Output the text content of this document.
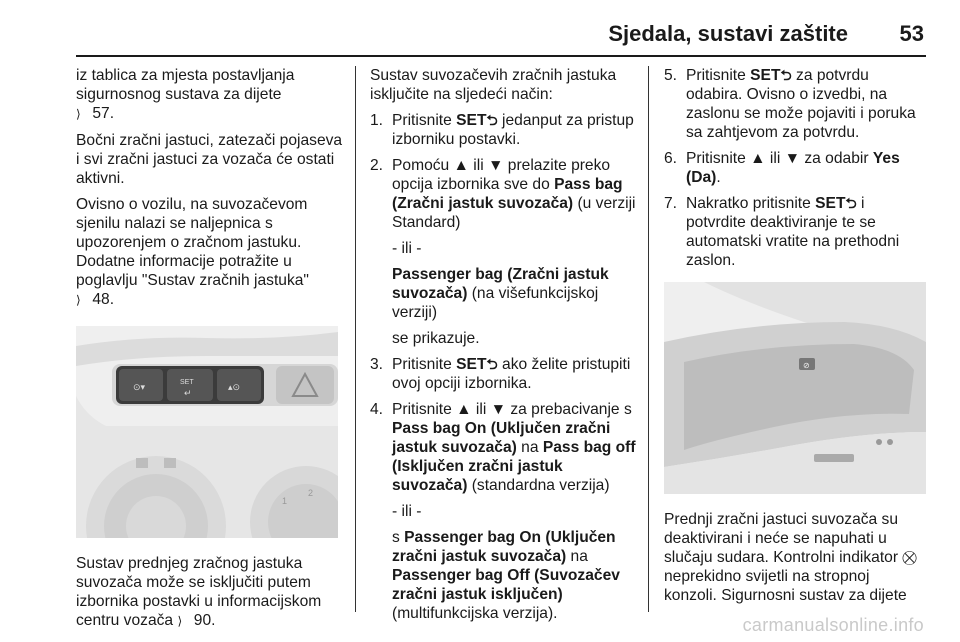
Sjedala, sustavi zaštite 53

iz tablica za mjesta postavljanja sigurnosnog sustava za dijete
⟩ 57.

Bočni zračni jastuci, zatezači pojaseva i svi zračni jastuci za vozača će ostati aktivni.

Ovisno o vozilu, na suvozačevom sjenilu nalazi se naljepnica s upozorenjem o zračnom jastuku. Dodatne informacije potražite u poglavlju "Sustav zračnih jastuka"
⟩ 48.

⊙▾	SET
↵
▴⊙
2
1

Sustav prednjeg zračnog jastuka suvozača može se isključiti putem izbornika postavki u informacijskom centru vozača ⟩ 90.

Sustav suvozačevih zračnih jastuka isključite na sljedeći način:

1. Pritisnite SET⮌ jedanput za pristup izborniku postavki.

2. Pomoću ▲ ili ▼ prelazite preko opcija izbornika sve do Pass bag (Zračni jastuk suvozača) (u verziji Standard)

- ili -

Passenger bag (Zračni jastuk suvozača) (na višefunkcijskoj verziji)

se prikazuje.

3. Pritisnite SET⮌ ako želite pristupiti ovoj opciji izbornika.

4. Pritisnite ▲ ili ▼ za prebacivanje s Pass bag On (Uključen zračni jastuk suvozača) na Pass bag off (Isključen zračni jastuk suvozača) (standardna verzija)

- ili -

s Passenger bag On (Uključen zračni jastuk suvozača) na Passenger bag Off (Suvozačev zračni jastuk isključen) (multifunkcijska verzija).

5. Pritisnite SET⮌ za potvrdu odabira. Ovisno o izvedbi, na zaslonu se može pojaviti i poruka sa zahtjevom za potvrdu.

6. Pritisnite ▲ ili ▼ za odabir Yes (Da).

7. Nakratko pritisnite SET⮌ i potvrdite deaktiviranje te se automatski vratite na prethodni zaslon.

⊘

Prednji zračni jastuci suvozača su deaktivirani i neće se napuhati u slučaju sudara. Kontrolni indikator ⛒ neprekidno svijetli na stropnoj konzoli. Sigurnosni sustav za dijete

carmanualsonline.info
